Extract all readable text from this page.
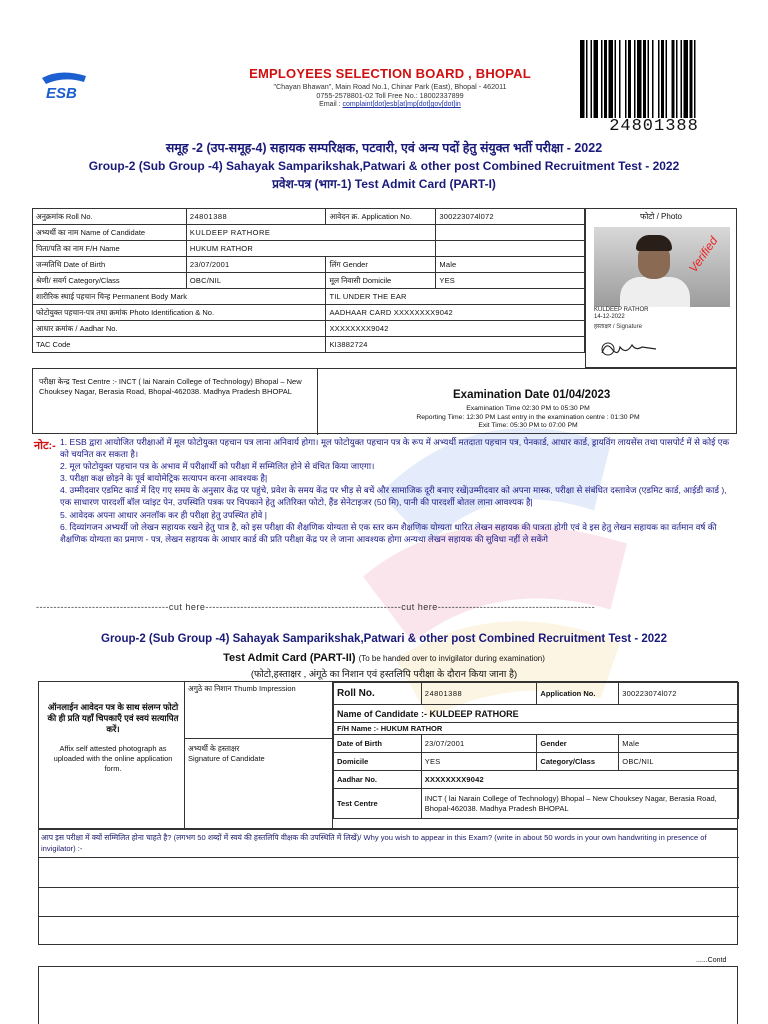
ESB
EMPLOYEES SELECTION BOARD , BHOPAL
"Chayan Bhawan", Main Road No.1, Chinar Park (East), Bhopal - 462011
0755-2578801-02 Toll Free No.: 18002337899
Email : complaint[dot]esb[at]mp[dot]gov[dot]in
24801388
समूह -2 (उप-समूह-4) सहायक सम्परिक्षक, पटवारी, एवं अन्य पदों हेतु संयुक्त भर्ती परीक्षा - 2022
Group-2 (Sub Group -4) Sahayak Samparikshak,Patwari & other post Combined Recruitment Test - 2022
प्रवेश-पत्र (भाग-1) Test Admit Card (PART-I)
अनुक्रमांक Roll No.	24801388	आवेदन क्र. Application No.	300223074l072
अभ्यर्थी का नाम Name of Candidate	KULDEEP RATHORE		
पिता/पति का नाम F/H Name	HUKUM RATHOR		
जन्मतिथि Date of Birth	23/07/2001	लिंग Gender	Male
श्रेणी/ सवर्ग Category/Class	OBC/NIL	मूल निवासी Domicile	YES
शारीरिक स्थाई पहचान चिन्ह Permanent Body Mark		TIL UNDER THE EAR	
फोटोयुक्त पहचान-पत्र तथा क्रमांक Photo Identification & No.		AADHAAR CARD XXXXXXXX9042	
आधार क्रमांक / Aadhar No.		XXXXXXXX9042	
TAC Code		KI3882724	
फोटो / Photo
Verified
KULDEEP RATHOR
14-12-2022
हस्ताक्षर / Signature
परीक्षा केन्द्र Test Centre :- INCT ( lai Narain College of Technology) Bhopal – New Chouksey Nagar, Berasia Road, Bhopal-462038. Madhya Pradesh BHOPAL	Examination Date 01/04/2023
Examination Time 02:30 PM to 05:30 PM
Reporting Time: 12:30 PM Last entry in the examination centre : 01:30 PM
Exit Time: 05:30 PM to 07:00 PM
नोट:- 1. ESB द्वारा आयोजित परीक्षाओं में मूल फोटोयुक्त पहचान पत्र लाना अनिवार्य होगा। मूल फोटोयुक्त पहचान पत्र के रूप में अभ्यर्थी मतदाता पहचान पत्र, पेनकार्ड, आधार कार्ड, ड्रायविंग लायसेंस तथा पासपोर्ट में से कोई एक को चयनित कर सकता है।

2. मूल फोटोयुक्त पहचान पत्र के अभाव में परीक्षार्थी को परीक्षा में सम्मिलित होने से वंचित किया जाएगा।

3. परीक्षा कक्ष छोड़ने के पूर्व बायोमेट्रिक सत्यापन करना आवश्यक है|

4. उम्मीदवार एडमिट कार्ड में दिए गए समय के अनुसार केंद्र पर पहुंचे, प्रवेश के समय केंद्र पर भीड़ से बचें और सामाजिक दूरी बनाए रखें|उम्मीदवार को अपना मास्क, परीक्षा से संबंधित दस्तावेज (एडमिट कार्ड, आईडी कार्ड ), एक साधारण पारदर्शी बॉल प्वांइट पेन, उपस्थिति पत्रक पर चिपकाने हेतु अतिरिक्त फोटो, हैंड सेनेटाइजर (50 मि), पानी की पारदर्शी बोतल लाना आवश्यक है|

5. आवेदक अपना आधार अनलॉक कर ही परीक्षा हेतु उपस्थित होवे |

6. दिव्यांगजन अभ्यर्थी जो लेखन सहायक रखने हेतु पात्र है, को इस परीक्षा की शैक्षणिक योग्यता से एक स्तर कम शैक्षणिक योग्यता धारित लेखन सहायक की पात्रता होगी एवं वे इस हेतु लेखन सहायक का वर्तमान वर्ष की शैक्षणिक योग्यता का प्रमाण - पत्र, लेखन सहायक के आधार कार्ड की प्रति परीक्षा केंद्र पर ले जाना आवश्यक होगा अन्यथा लेखन सहायक की सुविधा नहीं ले सकेंगे

--------------------------------------cut here--------------------------------------------------------cut here---------------------------------------------
Group-2 (Sub Group -4) Sahayak Samparikshak,Patwari & other post Combined Recruitment Test - 2022
Test Admit Card (PART-II) (To be handed over to invigilator during examination)
(फोटो,हस्ताक्षर , अंगूठे का निशान एवं हस्तलिपि परीक्षा के दौरान किया जाना है)
ऑनलाईन आवेदन पत्र के साथ संलग्न फोटो की ही प्रति यहाँ चिपकाएँ एवं स्वयं सत्यापित करें।
Affix self attested photograph as uploaded with the online application form.
अगुठे का निशान Thumb Impression
अभ्यर्थी के हस्ताक्षर
Signature of Candidate
Roll No.	24801388	Application No.	300223074l072
Name of Candidate :- KULDEEP RATHORE			
F/H Name :- HUKUM RATHOR			
Date of Birth	23/07/2001	Gender	Male
Domicile	YES	Category/Class	OBC/NIL
Aadhar No.	XXXXXXXX9042		
Test Centre	INCT ( lai Narain College of Technology) Bhopal – New Chouksey Nagar, Berasia Road, Bhopal-462038. Madhya Pradesh BHOPAL		
आप इस परीक्षा में क्यों सम्मिलित होना चाहते है? (लगभग 50 शब्दों में स्वयं की हस्तलिपि वीक्षक की उपस्थिति में लिखें)/ Why you wish to appear in this Exam? (write in about 50 words in your own handwriting in presence of invigilator) :-
......Contd
